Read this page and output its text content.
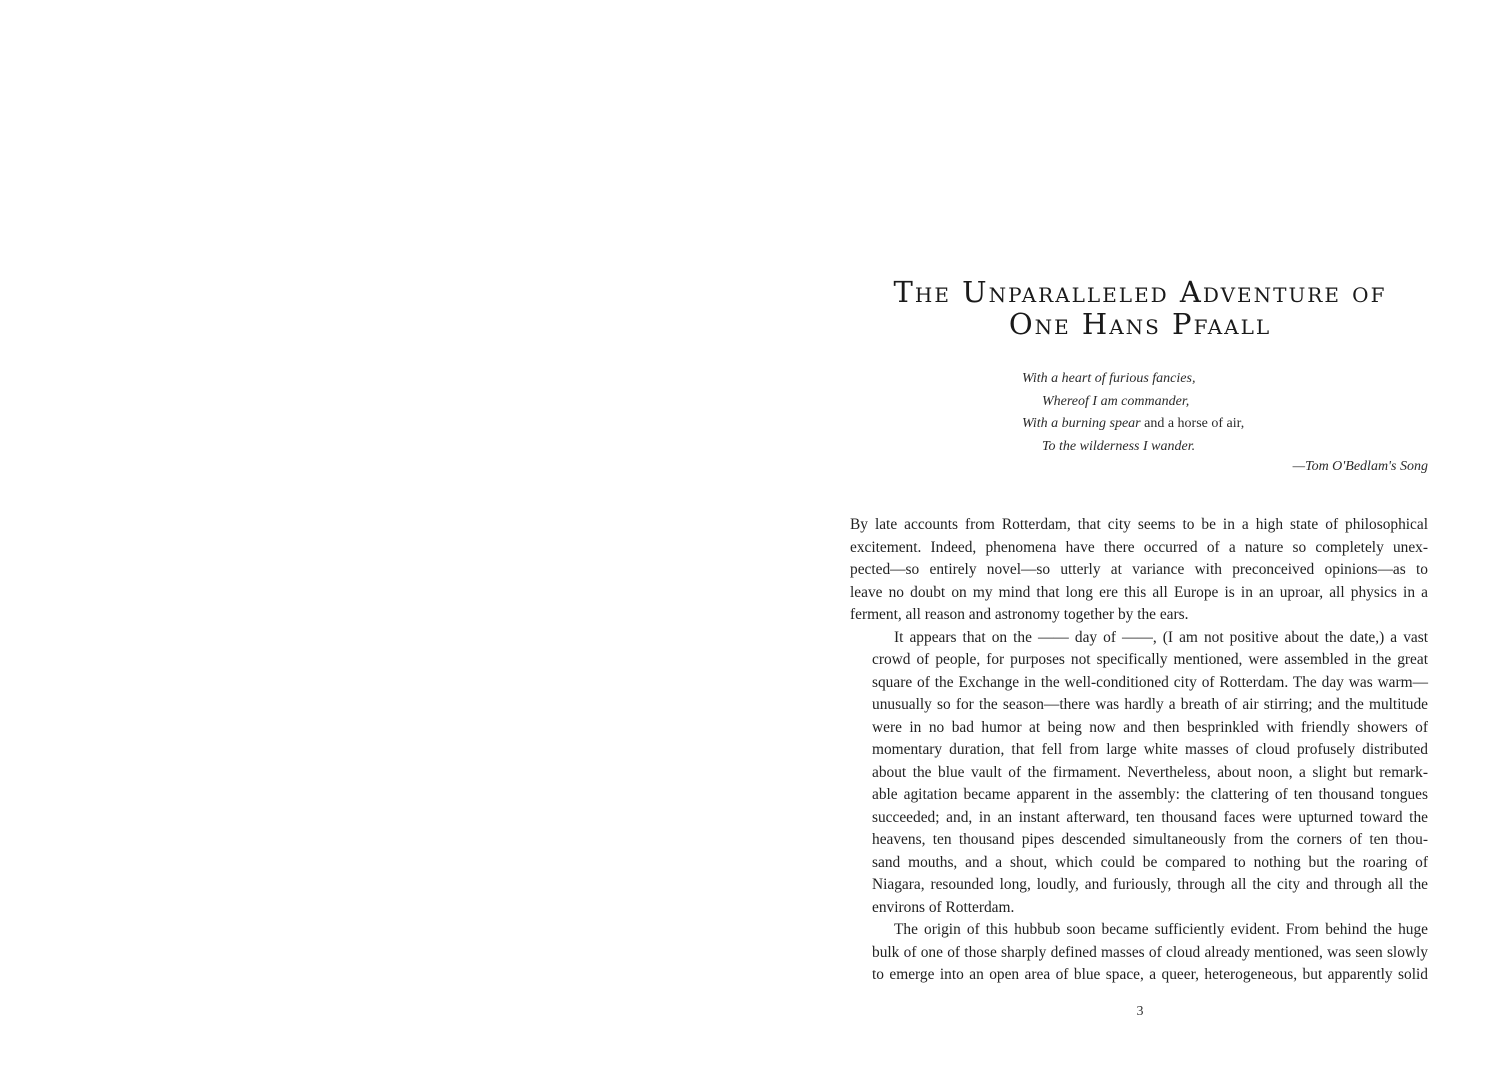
The Unparalleled Adventure of
One Hans Pfaall
With a heart of furious fancies,
Whereof I am commander,
With a burning spear and a horse of air,
To the wilderness I wander.
—Tom O'Bedlam's Song

By late accounts from Rotterdam, that city seems to be in a high state of philosophical
excitement. Indeed, phenomena have there occurred of a nature so completely unex-
pected—so entirely novel—so utterly at variance with preconceived opinions—as to
leave no doubt on my mind that long ere this all Europe is in an uproar, all physics in a
ferment, all reason and astronomy together by the ears.

It appears that on the —— day of ——, (I am not positive about the date,) a vast
crowd of people, for purposes not specifically mentioned, were assembled in the great
square of the Exchange in the well-conditioned city of Rotterdam. The day was warm—
unusually so for the season—there was hardly a breath of air stirring; and the multitude
were in no bad humor at being now and then besprinkled with friendly showers of
momentary duration, that fell from large white masses of cloud profusely distributed
about the blue vault of the firmament. Nevertheless, about noon, a slight but remark-
able agitation became apparent in the assembly: the clattering of ten thousand tongues
succeeded; and, in an instant afterward, ten thousand faces were upturned toward the
heavens, ten thousand pipes descended simultaneously from the corners of ten thou-
sand mouths, and a shout, which could be compared to nothing but the roaring of
Niagara, resounded long, loudly, and furiously, through all the city and through all the
environs of Rotterdam.

The origin of this hubbub soon became sufficiently evident. From behind the huge
bulk of one of those sharply defined masses of cloud already mentioned, was seen slowly
to emerge into an open area of blue space, a queer, heterogeneous, but apparently solid

3
